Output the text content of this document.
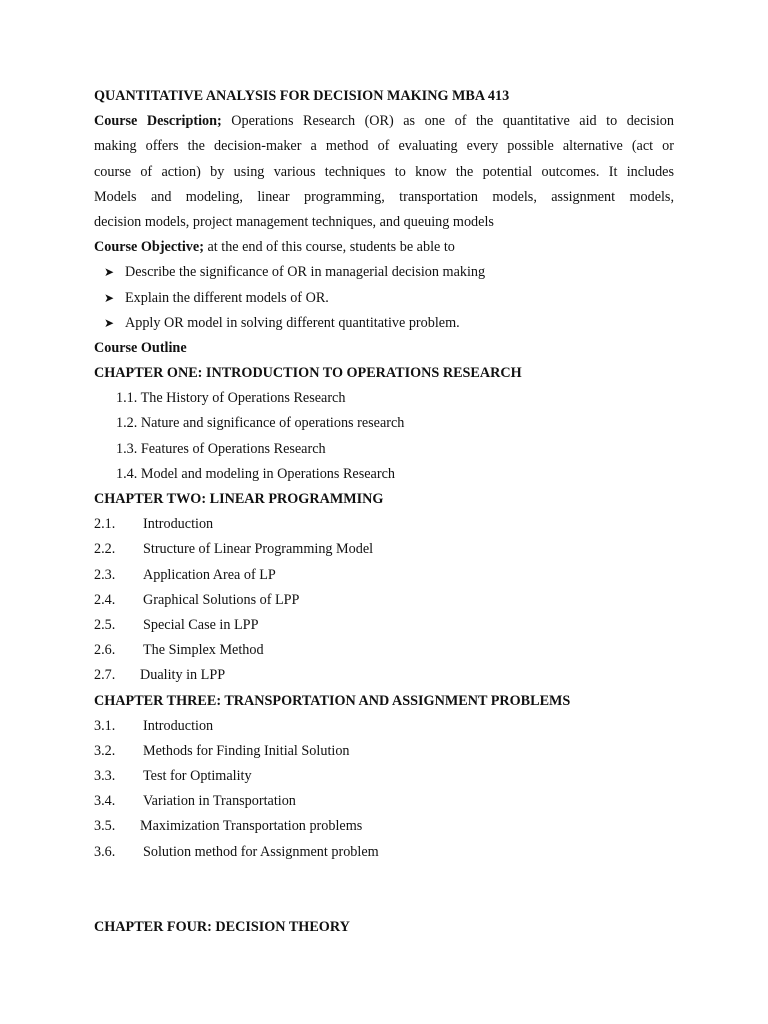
QUANTITATIVE ANALYSIS FOR DECISION MAKING MBA 413
Course Description; Operations Research (OR) as one of the quantitative aid to decision
making offers the decision-maker a method of evaluating every possible alternative (act or
course of action) by using various techniques to know the potential outcomes. It includes
Models and modeling, linear programming, transportation models, assignment models,
decision models, project management techniques, and queuing models
Course Objective; at the end of this course, students be able to
➤ Describe the significance of OR in managerial decision making
➤ Explain the different models of OR.
➤ Apply OR model in solving different quantitative problem.
Course Outline
CHAPTER ONE: INTRODUCTION TO OPERATIONS RESEARCH
1.1. The History of Operations Research
1.2. Nature and significance of operations research
1.3. Features of Operations Research
1.4. Model and modeling in Operations Research
CHAPTER TWO: LINEAR PROGRAMMING
2.1. Introduction
2.2. Structure of Linear Programming Model
2.3. Application Area of LP
2.4. Graphical Solutions of LPP
2.5. Special Case in LPP
2.6. The Simplex Method
2.7. Duality in LPP
CHAPTER THREE: TRANSPORTATION AND ASSIGNMENT PROBLEMS
3.1. Introduction
3.2. Methods for Finding Initial Solution
3.3. Test for Optimality
3.4. Variation in Transportation
3.5. Maximization Transportation problems
3.6. Solution method for Assignment problem
CHAPTER FOUR: DECISION THEORY
